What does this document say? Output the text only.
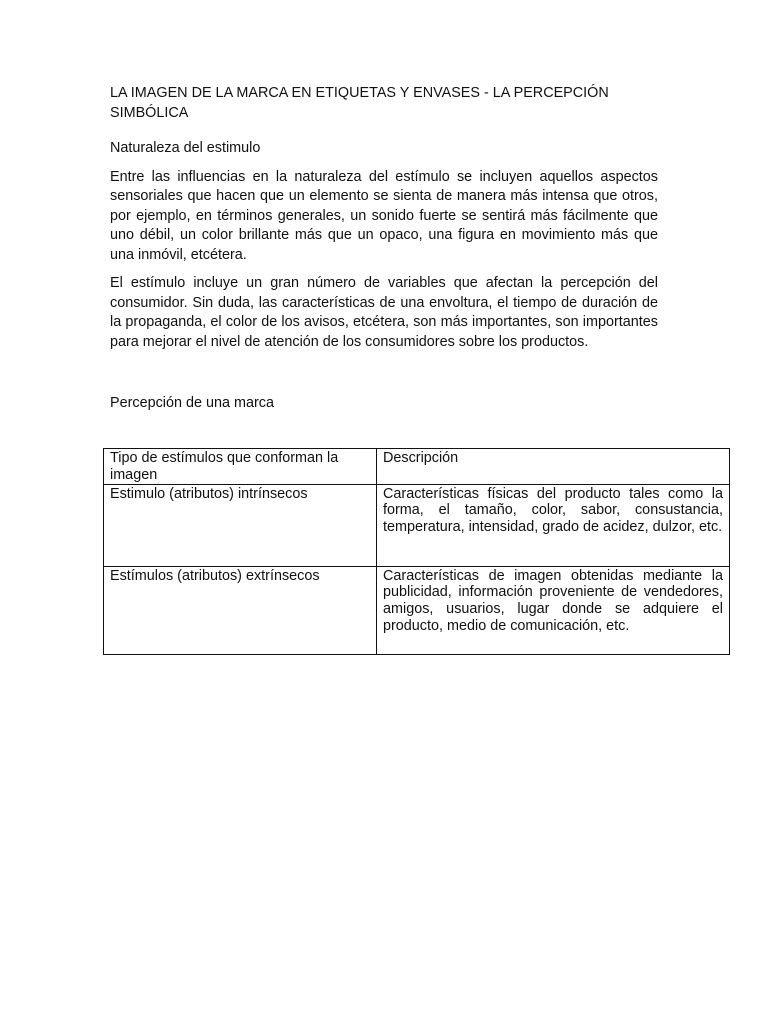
LA IMAGEN DE LA MARCA EN ETIQUETAS Y ENVASES - LA PERCEPCIÓN SIMBÓLICA

Naturaleza del estimulo

Entre las influencias en la naturaleza del estímulo se incluyen aquellos aspectos sensoriales que hacen que un elemento se sienta de manera más intensa que otros, por ejemplo, en términos generales, un sonido fuerte se sentirá más fácilmente que uno débil, un color brillante más que un opaco, una figura en movimiento más que una inmóvil, etcétera.

El estímulo incluye un gran número de variables que afectan la percepción del consumidor. Sin duda, las características de una envoltura, el tiempo de duración de la propaganda, el color de los avisos, etcétera, son más importantes, son importantes para mejorar el nivel de atención de los consumidores sobre los productos.

Percepción de una marca

Tipo de estímulos que conforman la imagen	Descripción
Estimulo (atributos) intrínsecos	Características físicas del producto tales como la forma, el tamaño, color, sabor, consustancia, temperatura, intensidad, grado de acidez, dulzor, etc.
Estímulos (atributos) extrínsecos	Características de imagen obtenidas mediante la publicidad, información proveniente de vendedores, amigos, usuarios, lugar donde se adquiere el producto, medio de comunicación, etc.
